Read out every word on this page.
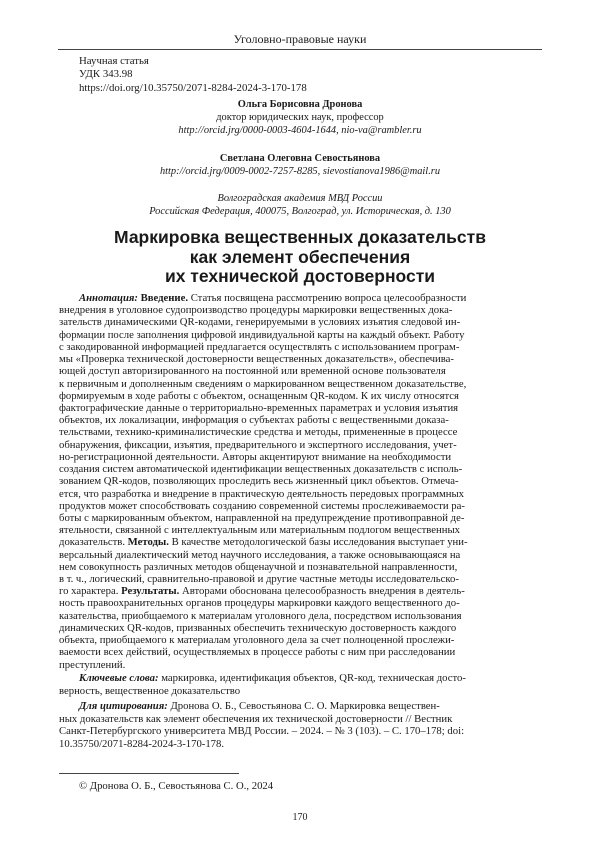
Уголовно-правовые науки
Научная статья
УДК 343.98
https://doi.org/10.35750/2071-8284-2024-3-170-178
Ольга Борисовна Дронова
доктор юридических наук, профессор
http://orcid.jrg/0000-0003-4604-1644, nio-va@rambler.ru
Светлана Олеговна Севостьянова
http://orcid.jrg/0009-0002-7257-8285, sievostianova1986@mail.ru
Волгоградская академия МВД России
Российская Федерация, 400075, Волгоград, ул. Историческая, д. 130
Маркировка вещественных доказательств
как элемент обеспечения
их технической достоверности
Аннотация: Введение. Статья посвящена рассмотрению вопроса целесообразности
внедрения в уголовное судопроизводство процедуры маркировки вещественных дока-
зательств динамическими QR-кодами, генерируемыми в условиях изъятия следовой ин-
формации после заполнения цифровой индивидуальной карты на каждый объект. Работу
с закодированной информацией предлагается осуществлять с использованием програм-
мы «Проверка технической достоверности вещественных доказательств», обеспечива-
ющей доступ авторизированного на постоянной или временной основе пользователя
к первичным и дополненным сведениям о маркированном вещественном доказательстве,
формируемым в ходе работы с объектом, оснащенным QR-кодом. К их числу относятся
фактографические данные о территориально-временных параметрах и условия изъятия
объектов, их локализации, информация о субъектах работы с вещественными доказа-
тельствами, технико-криминалистические средства и методы, примененные в процессе
обнаружения, фиксации, изъятия, предварительного и экспертного исследования, учет-
но-регистрационной деятельности. Авторы акцентируют внимание на необходимости
создания систем автоматической идентификации вещественных доказательств с исполь-
зованием QR-кодов, позволяющих проследить весь жизненный цикл объектов. Отмеча-
ется, что разработка и внедрение в практическую деятельность передовых программных
продуктов может способствовать созданию современной системы прослеживаемости ра-
боты с маркированным объектом, направленной на предупреждение противоправной де-
ятельности, связанной с интеллектуальным или материальным подлогом вещественных
доказательств. Методы. В качестве методологической базы исследования выступает уни-
версальный диалектический метод научного исследования, а также основывающаяся на
нем совокупность различных методов общенаучной и познавательной направленности,
в т. ч., логический, сравнительно-правовой и другие частные методы исследовательско-
го характера. Результаты. Авторами обоснована целесообразность внедрения в деятель-
ность правоохранительных органов процедуры маркировки каждого вещественного до-
казательства, приобщаемого к материалам уголовного дела, посредством использования
динамических QR-кодов, призванных обеспечить техническую достоверность каждого
объекта, приобщаемого к материалам уголовного дела за счет полноценной прослежи-
ваемости всех действий, осуществляемых в процессе работы с ним при расследовании
преступлений.
Ключевые слова: маркировка, идентификация объектов, QR-код, техническая досто-
верность, вещественное доказательство
Для цитирования: Дронова О. Б., Севостьянова С. О. Маркировка веществен-
ных доказательств как элемент обеспечения их технической достоверности // Вестник
Санкт-Петербургского университета МВД России. – 2024. – № 3 (103). – С. 170–178; doi:
10.35750/2071-8284-2024-3-170-178.
© Дронова О. Б., Севостьянова С. О., 2024
170
